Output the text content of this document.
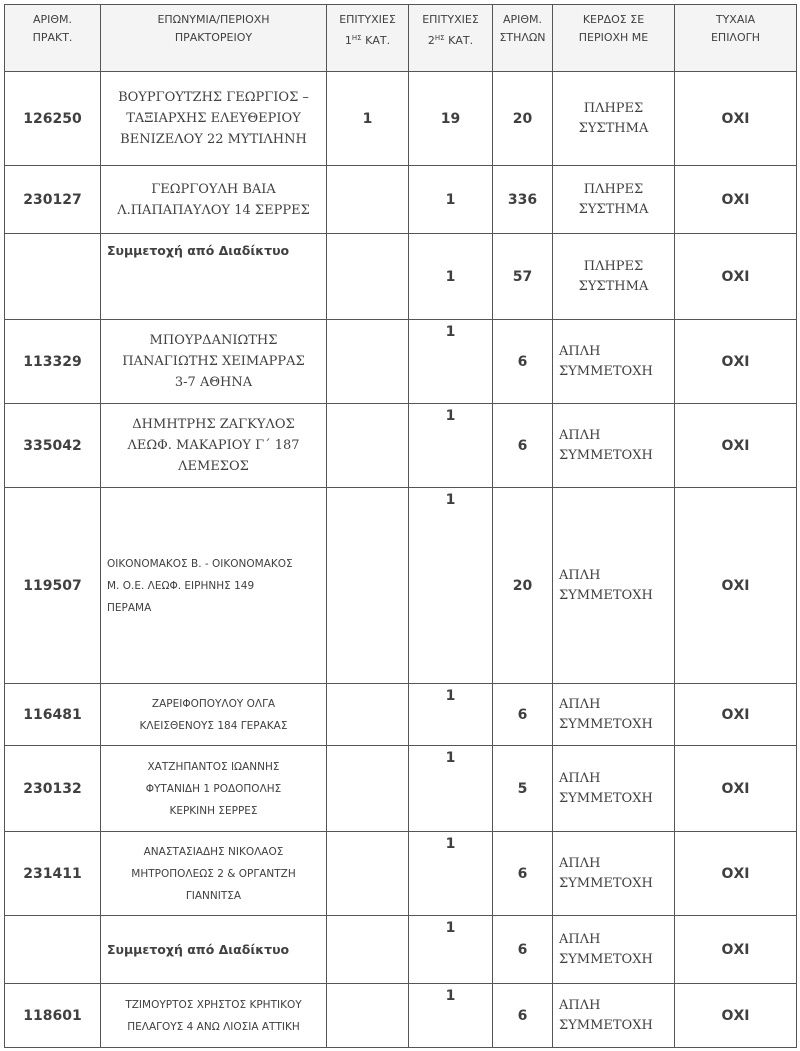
ΑΡΙΘΜ.
ΠΡΑΚΤ.	ΕΠΩΝΥΜΙΑ/ΠΕΡΙΟΧΗ
ΠΡΑΚΤΟΡΕΙΟΥ	ΕΠΙΤΥΧΙΕΣ
$1^{H\Sigma}$ ΚΑΤ.	ΕΠΙΤΥΧΙΕΣ
$2^{H\Sigma}$ ΚΑΤ.	ΑΡΙΘΜ.
ΣΤΗΛΩΝ	ΚΕΡΔΟΣ ΣΕ
ΠΕΡΙΟΧΗ ΜΕ	ΤΥΧΑΙΑ
ΕΠΙΛΟΓΗ

126250	ΒΟΥΡΓΟΥΤΖΗΣ ΓΕΩΡΓΙΟΣ –
ΤΑΞΙΑΡΧΗΣ ΕΛΕΥΘΕΡΙΟΥ
ΒΕΝΙΖΕΛΟΥ 22 ΜΥΤΙΛΗΝΗ	1	19	20	ΠΛΗΡΕΣ
ΣΥΣΤΗΜΑ	ΟΧΙ
230127	ΓΕΩΡΓΟΥΛΗ ΒΑΙΑ
Λ.ΠΑΠΑΠΑΥΛΟΥ 14 ΣΕΡΡΕΣ		1	336	ΠΛΗΡΕΣ
ΣΥΣΤΗΜΑ	ΟΧΙ

	Συμμετοχή από Διαδίκτυο		1	57	ΠΛΗΡΕΣ
ΣΥΣΤΗΜΑ	ΟΧΙ
113329	ΜΠΟΥΡΔΑΝΙΩΤΗΣ
ΠΑΝΑΓΙΩΤΗΣ ΧΕΙΜΑΡΡΑΣ
3-7 ΑΘΗΝΑ		1	6	ΑΠΛΗ
ΣΥΜΜΕΤΟΧΗ	ΟΧΙ
335042	ΔΗΜΗΤΡΗΣ ΖΑΓΚΥΛΟΣ
ΛΕΩΦ. ΜΑΚΑΡΙΟΥ Γ΄ 187
ΛΕΜΕΣΟΣ		1	6	ΑΠΛΗ
ΣΥΜΜΕΤΟΧΗ	ΟΧΙ
119507	ΟΙΚΟΝΟΜΑΚΟΣ Β. - ΟΙΚΟΝΟΜΑΚΟΣ
Μ. Ο.Ε. ΛΕΩΦ. ΕΙΡΗΝΗΣ 149
ΠΕΡΑΜΑ		1	20	ΑΠΛΗ
ΣΥΜΜΕΤΟΧΗ	ΟΧΙ
116481	ΖΑΡΕΙΦΟΠΟΥΛΟΥ ΟΛΓΑ
ΚΛΕΙΣΘΕΝΟΥΣ 184 ΓΕΡΑΚΑΣ		1	6	ΑΠΛΗ
ΣΥΜΜΕΤΟΧΗ	ΟΧΙ
230132	ΧΑΤΖΗΠΑΝΤΟΣ ΙΩΑΝΝΗΣ
ΦΥΤΑΝΙΔΗ 1 ΡΟΔΟΠΟΛΗΣ
ΚΕΡΚΙΝΗ ΣΕΡΡΕΣ		1	5	ΑΠΛΗ
ΣΥΜΜΕΤΟΧΗ	ΟΧΙ
231411	ΑΝΑΣΤΑΣΙΑΔΗΣ ΝΙΚΟΛΑΟΣ
ΜΗΤΡΟΠΟΛΕΩΣ 2 & ΟΡΓΑΝΤΖΗ
ΓΙΑΝΝΙΤΣΑ		1	6	ΑΠΛΗ
ΣΥΜΜΕΤΟΧΗ	ΟΧΙ

	Συμμετοχή από Διαδίκτυο		1	6	ΑΠΛΗ
ΣΥΜΜΕΤΟΧΗ	ΟΧΙ
118601	ΤΖΙΜΟΥΡΤΟΣ ΧΡΗΣΤΟΣ ΚΡΗΤΙΚΟΥ
ΠΕΛΑΓΟΥΣ 4 ΑΝΩ ΛΙΟΣΙΑ ΑΤΤΙΚΗ		1	6	ΑΠΛΗ
ΣΥΜΜΕΤΟΧΗ	ΟΧΙ
